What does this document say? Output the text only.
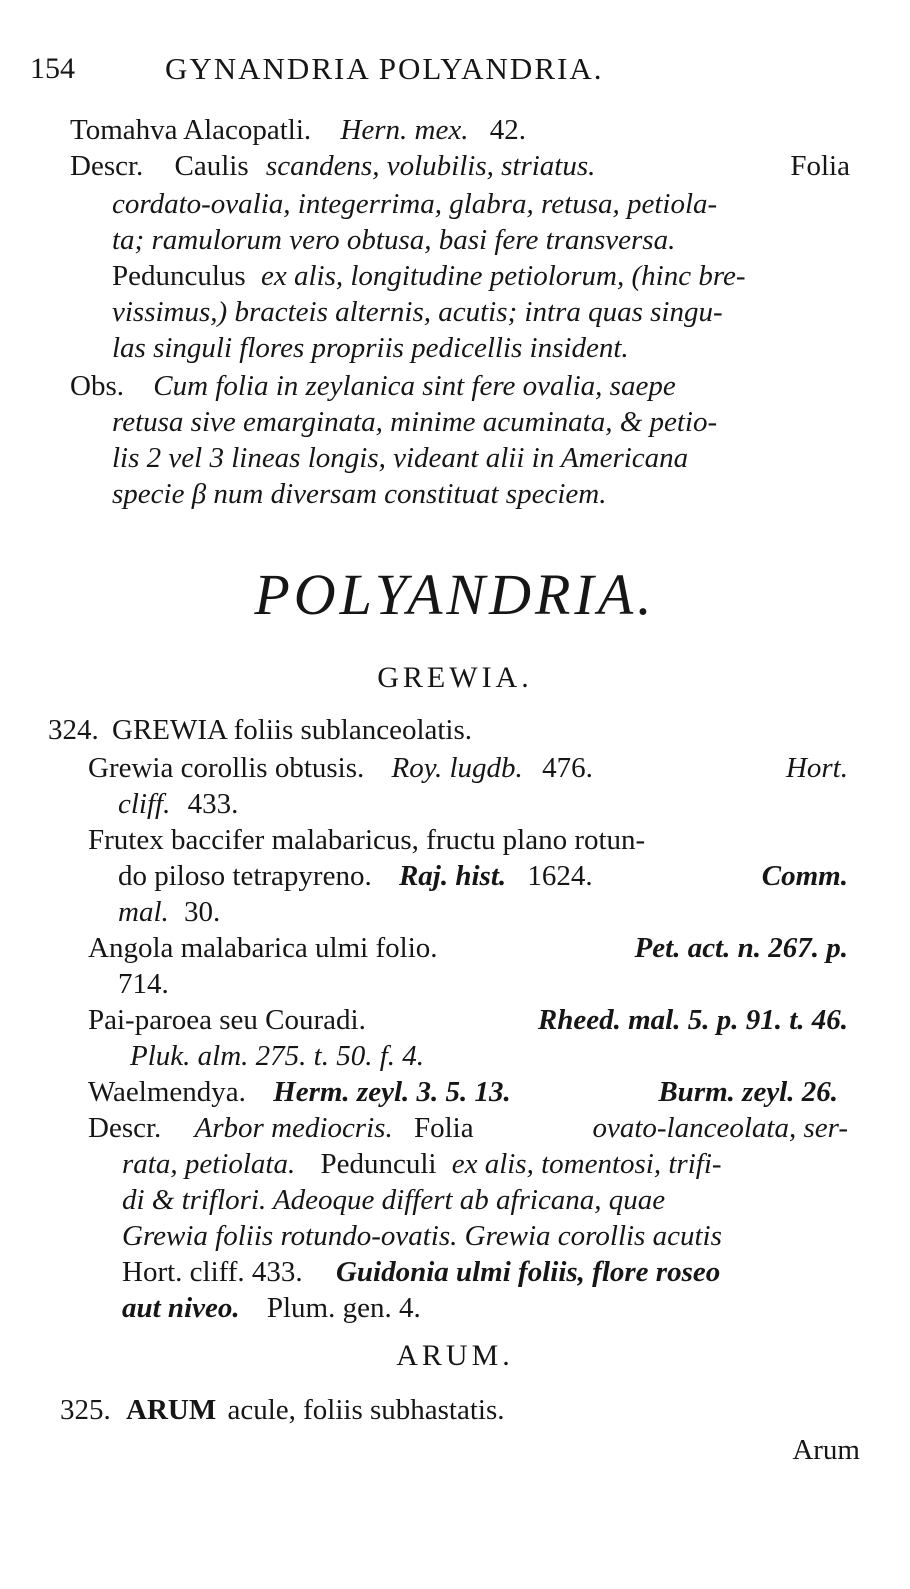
154	GYNANDRIA POLYANDRIA.
Tomahva Alacopatli. Hern. mex. 42.
Descr. Caulis scandens, volubilis, striatus.	Folia
cordato-ovalia, integerrima, glabra, retusa, petiola-
ta; ramulorum vero obtusa, basi fere transversa.
Pedunculus ex alis, longitudine petiolorum, (hinc bre-
vissimus,) bracteis alternis, acutis; intra quas singu-
las singuli flores propriis pedicellis insident.
Obs. Cum folia in zeylanica sint fere ovalia, saepe
retusa sive emarginata, minime acuminata, & petio-
lis 2 vel 3 lineas longis, videant alii in Americana
specie β num diversam constituat speciem.
POLYANDRIA.
GREWIA.
324. GREWIA foliis sublanceolatis.
Grewia corollis obtusis. Roy. lugdb. 476.	Hort.
cliff. 433.
Frutex baccifer malabaricus, fructu plano rotun-
do piloso tetrapyreno. Raj. hist. 1624.	Comm.
mal. 30.
Angola malabarica ulmi folio.	Pet. act. n. 267. p.
714.
Pai-paroea seu Couradi.	Rheed. mal. 5. p. 91. t. 46.
Pluk. alm. 275. t. 50. f. 4.
Waelmendya. Herm. zeyl. 3. 5. 13.	Burm. zeyl. 26.
Descr. Arbor mediocris. Folia	ovato-lanceolata, ser-
rata, petiolata. Pedunculi ex alis, tomentosi, trifi-
di & triflori. Adeoque differt ab africana, quae
Grewia foliis rotundo-ovatis. Grewia corollis acutis
Hort. cliff. 433. Guidonia ulmi foliis, flore roseo
aut niveo. Plum. gen. 4.
ARUM.
325. ARUM acule, foliis subhastatis.
Arum
